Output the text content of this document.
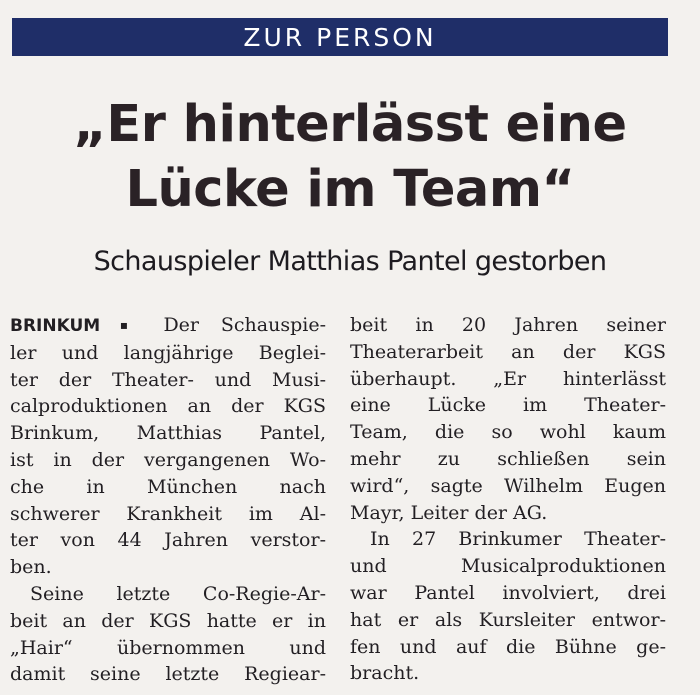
ZUR PERSON
„Er hinterlässt eine
Lücke im Team“
Schauspieler Matthias Pantel gestorben
BRINKUM ▪ Der Schauspie-
ler und langjährige Beglei-
ter der Theater- und Musi-
calproduktionen an der KGS
Brinkum, Matthias Pantel,
ist in der vergangenen Wo-
che in München nach
schwerer Krankheit im Al-
ter von 44 Jahren verstor-
ben.
Seine letzte Co-Regie-Ar-
beit an der KGS hatte er in
„Hair“ übernommen und
damit seine letzte Regiear-
beit in 20 Jahren seiner
Theaterarbeit an der KGS
überhaupt. „Er hinterlässt
eine Lücke im Theater-
Team, die so wohl kaum
mehr zu schließen sein
wird“, sagte Wilhelm Eugen
Mayr, Leiter der AG.
In 27 Brinkumer Theater-
und Musicalproduktionen
war Pantel involviert, drei
hat er als Kursleiter entwor-
fen und auf die Bühne ge-
bracht.
